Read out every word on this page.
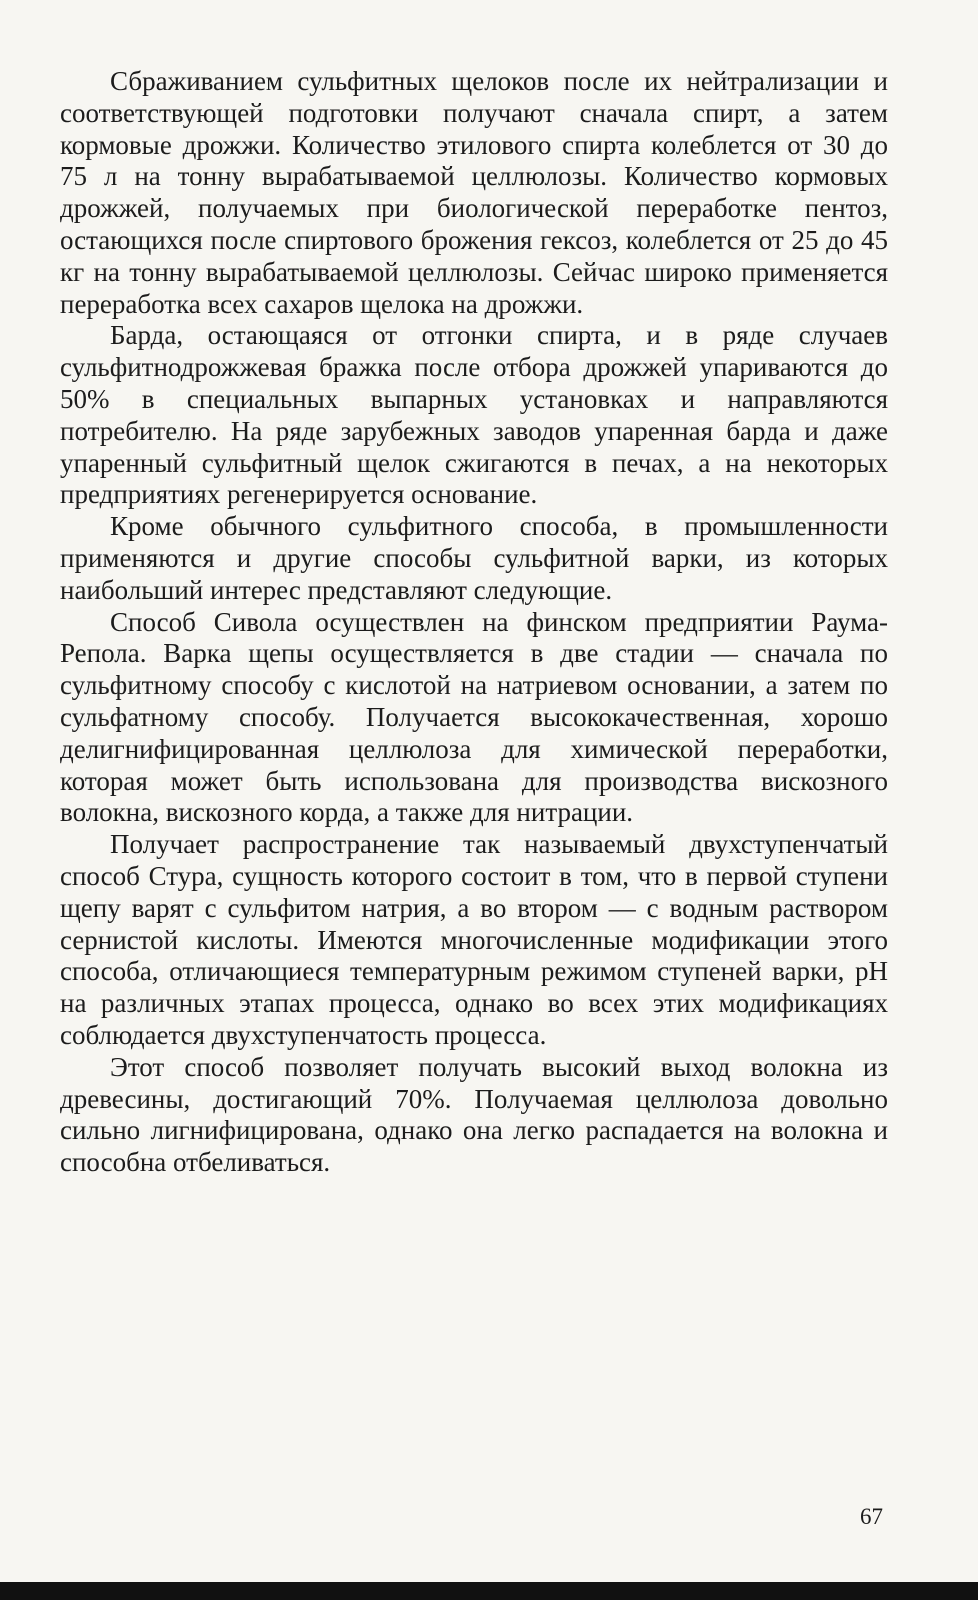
Сбраживанием сульфитных щелоков после их нейтрализации и соответствующей подготовки получают сначала спирт, а затем кормовые дрожжи. Количество этилового спирта колеблется от 30 до 75 л на тонну вырабатываемой целлюлозы. Количество кормовых дрожжей, получаемых при биологической переработке пентоз, остающихся после спиртового брожения гексоз, колеблется от 25 до 45 кг на тонну вырабатываемой целлюлозы. Сейчас широко применяется переработка всех сахаров щелока на дрожжи.

Барда, остающаяся от отгонки спирта, и в ряде случаев сульфитнодрожжевая бражка после отбора дрожжей упариваются до 50% в специальных выпарных установках и направляются потребителю. На ряде зарубежных заводов упаренная барда и даже упаренный сульфитный щелок сжигаются в печах, а на некоторых предприятиях регенерируется основание.

Кроме обычного сульфитного способа, в промышленности применяются и другие способы сульфитной варки, из которых наибольший интерес представляют следующие.

Способ Сивола осуществлен на финском предприятии Раума-Репола. Варка щепы осуществляется в две стадии — сначала по сульфитному способу с кислотой на натриевом основании, а затем по сульфатному способу. Получается высококачественная, хорошо делигнифицированная целлюлоза для химической переработки, которая может быть использована для производства вискозного волокна, вискозного корда, а также для нитрации.

Получает распространение так называемый двухступенчатый способ Стура, сущность которого состоит в том, что в первой ступени щепу варят с сульфитом натрия, а во втором — с водным раствором сернистой кислоты. Имеются многочисленные модификации этого способа, отличающиеся температурным режимом ступеней варки, pH на различных этапах процесса, однако во всех этих модификациях соблюдается двухступенчатость процесса.

Этот способ позволяет получать высокий выход волокна из древесины, достигающий 70%. Получаемая целлюлоза довольно сильно лигнифицирована, однако она легко распадается на волокна и способна отбеливаться.

67
